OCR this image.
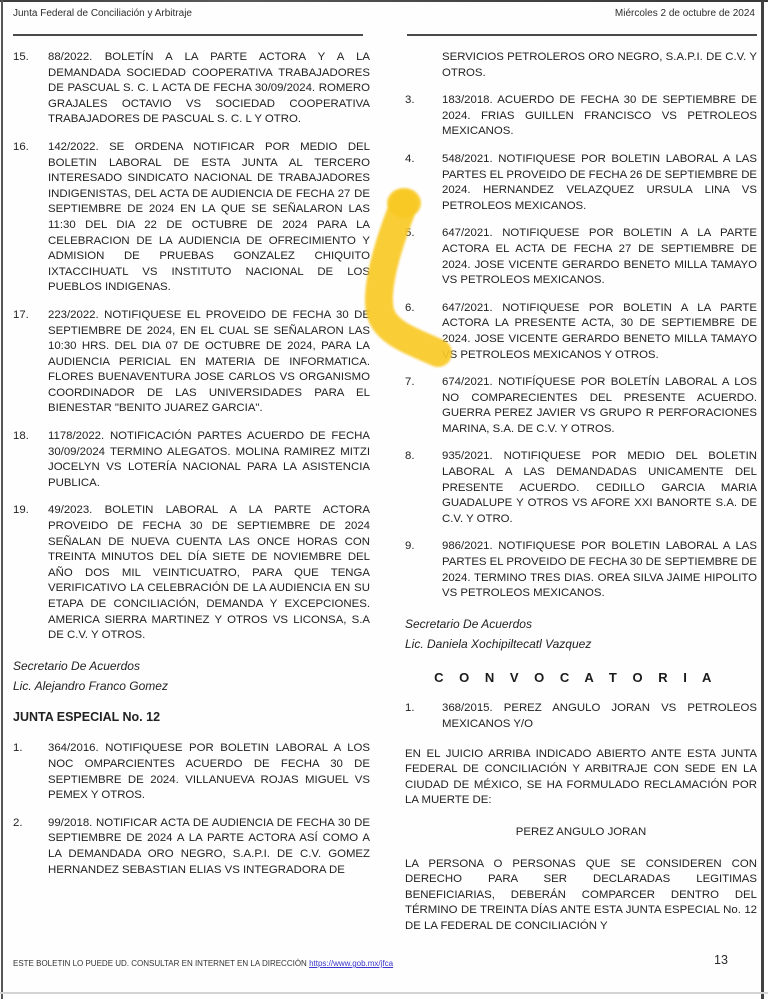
Junta Federal de Conciliación y Arbitraje	Miércoles 2 de octubre de 2024
15.	88/2022. BOLETÍN A LA PARTE ACTORA Y A LA DEMANDADA SOCIEDAD COOPERATIVA TRABAJADORES DE PASCUAL S. C. L ACTA DE FECHA 30/09/2024. ROMERO GRAJALES OCTAVIO VS SOCIEDAD COOPERATIVA TRABAJADORES DE PASCUAL S. C. L Y OTRO.
16.	142/2022. SE ORDENA NOTIFICAR POR MEDIO DEL BOLETIN LABORAL DE ESTA JUNTA AL TERCERO INTERESADO SINDICATO NACIONAL DE TRABAJADORES INDIGENISTAS, DEL ACTA DE AUDIENCIA DE FECHA 27 DE SEPTIEMBRE DE 2024 EN LA QUE SE SEÑALARON LAS 11:30 DEL DIA 22 DE OCTUBRE DE 2024 PARA LA CELEBRACION DE LA AUDIENCIA DE OFRECIMIENTO Y ADMISION DE PRUEBAS GONZALEZ CHIQUITO IXTACCIHUATL VS INSTITUTO NACIONAL DE LOS PUEBLOS INDIGENAS.
17.	223/2022. NOTIFIQUESE EL PROVEIDO DE FECHA 30 DE SEPTIEMBRE DE 2024, EN EL CUAL SE SEÑALARON LAS 10:30 HRS. DEL DIA 07 DE OCTUBRE DE 2024, PARA LA AUDIENCIA PERICIAL EN MATERIA DE INFORMATICA. FLORES BUENAVENTURA JOSE CARLOS VS ORGANISMO COORDINADOR DE LAS UNIVERSIDADES PARA EL BIENESTAR "BENITO JUAREZ GARCIA".
18.	1178/2022. NOTIFICACIÓN PARTES ACUERDO DE FECHA 30/09/2024 TERMINO ALEGATOS. MOLINA RAMIREZ MITZI JOCELYN VS LOTERÍA NACIONAL PARA LA ASISTENCIA PUBLICA.
19.	49/2023. BOLETIN LABORAL A LA PARTE ACTORA PROVEIDO DE FECHA 30 DE SEPTIEMBRE DE 2024 SEÑALAN DE NUEVA CUENTA LAS ONCE HORAS CON TREINTA MINUTOS DEL DÍA SIETE DE NOVIEMBRE DEL AÑO DOS MIL VEINTICUATRO, PARA QUE TENGA VERIFICATIVO LA CELEBRACIÓN DE LA AUDIENCIA EN SU ETAPA DE CONCILIACIÓN, DEMANDA Y EXCEPCIONES. AMERICA SIERRA MARTINEZ Y OTROS VS LICONSA, S.A DE C.V. Y OTROS.
Secretario De Acuerdos
Lic. Alejandro Franco Gomez
JUNTA ESPECIAL No. 12
1.	364/2016. NOTIFIQUESE POR BOLETIN LABORAL A LOS NOC OMPARCIENTES ACUERDO DE FECHA 30 DE SEPTIEMBRE DE 2024. VILLANUEVA ROJAS MIGUEL VS PEMEX Y OTROS.
2.	99/2018. NOTIFICAR ACTA DE AUDIENCIA DE FECHA 30 DE SEPTIEMBRE DE 2024 A LA PARTE ACTORA ASÍ COMO A LA DEMANDADA ORO NEGRO, S.A.P.I. DE C.V. GOMEZ HERNANDEZ SEBASTIAN ELIAS VS INTEGRADORA DE
SERVICIOS PETROLEROS ORO NEGRO, S.A.P.I. DE C.V. Y OTROS.
3.	183/2018. ACUERDO DE FECHA 30 DE SEPTIEMBRE DE 2024. FRIAS GUILLEN FRANCISCO VS PETROLEOS MEXICANOS.
4.	548/2021. NOTIFIQUESE POR BOLETIN LABORAL A LAS PARTES EL PROVEIDO DE FECHA 26 DE SEPTIEMBRE DE 2024. HERNANDEZ VELAZQUEZ URSULA LINA VS PETROLEOS MEXICANOS.
5.	647/2021. NOTIFIQUESE POR BOLETIN A LA PARTE ACTORA EL ACTA DE FECHA 27 DE SEPTIEMBRE DE 2024. JOSE VICENTE GERARDO BENETO MILLA TAMAYO VS PETROLEOS MEXICANOS.
6.	647/2021. NOTIFIQUESE POR BOLETIN A LA PARTE ACTORA LA PRESENTE ACTA, 30 DE SEPTIEMBRE DE 2024. JOSE VICENTE GERARDO BENETO MILLA TAMAYO VS PETROLEOS MEXICANOS Y OTROS.
7.	674/2021. NOTIFÍQUESE POR BOLETÍN LABORAL A LOS NO COMPARECIENTES DEL PRESENTE ACUERDO. GUERRA PEREZ JAVIER VS GRUPO R PERFORACIONES MARINA, S.A. DE C.V. Y OTROS.
8.	935/2021. NOTIFIQUESE POR MEDIO DEL BOLETIN LABORAL A LAS DEMANDADAS UNICAMENTE DEL PRESENTE ACUERDO. CEDILLO GARCIA MARIA GUADALUPE Y OTROS VS AFORE XXI BANORTE S.A. DE C.V. Y OTRO.
9.	986/2021. NOTIFIQUESE POR BOLETIN LABORAL A LAS PARTES EL PROVEIDO DE FECHA 30 DE SEPTIEMBRE DE 2024. TERMINO TRES DIAS. OREA SILVA JAIME HIPOLITO VS PETROLEOS MEXICANOS.
Secretario De Acuerdos
Lic. Daniela Xochipiltecatl Vazquez
C O N V O C A T O R I A
1.	368/2015. PEREZ ANGULO JORAN VS PETROLEOS MEXICANOS Y/O
EN EL JUICIO ARRIBA INDICADO ABIERTO ANTE ESTA JUNTA FEDERAL DE CONCILIACIÓN Y ARBITRAJE CON SEDE EN LA CIUDAD DE MÉXICO, SE HA FORMULADO RECLAMACIÓN POR LA MUERTE DE:
PEREZ ANGULO JORAN
LA PERSONA O PERSONAS QUE SE CONSIDEREN CON DERECHO PARA SER DECLARADAS LEGITIMAS BENEFICIARIAS, DEBERÁN COMPARCER DENTRO DEL TÉRMINO DE TREINTA DÍAS ANTE ESTA JUNTA ESPECIAL No. 12 DE LA FEDERAL DE CONCILIACIÓN Y
ESTE BOLETIN LO PUEDE UD. CONSULTAR EN INTERNET EN LA DIRECCIÓN https://www.gob.mx/jfca	13
